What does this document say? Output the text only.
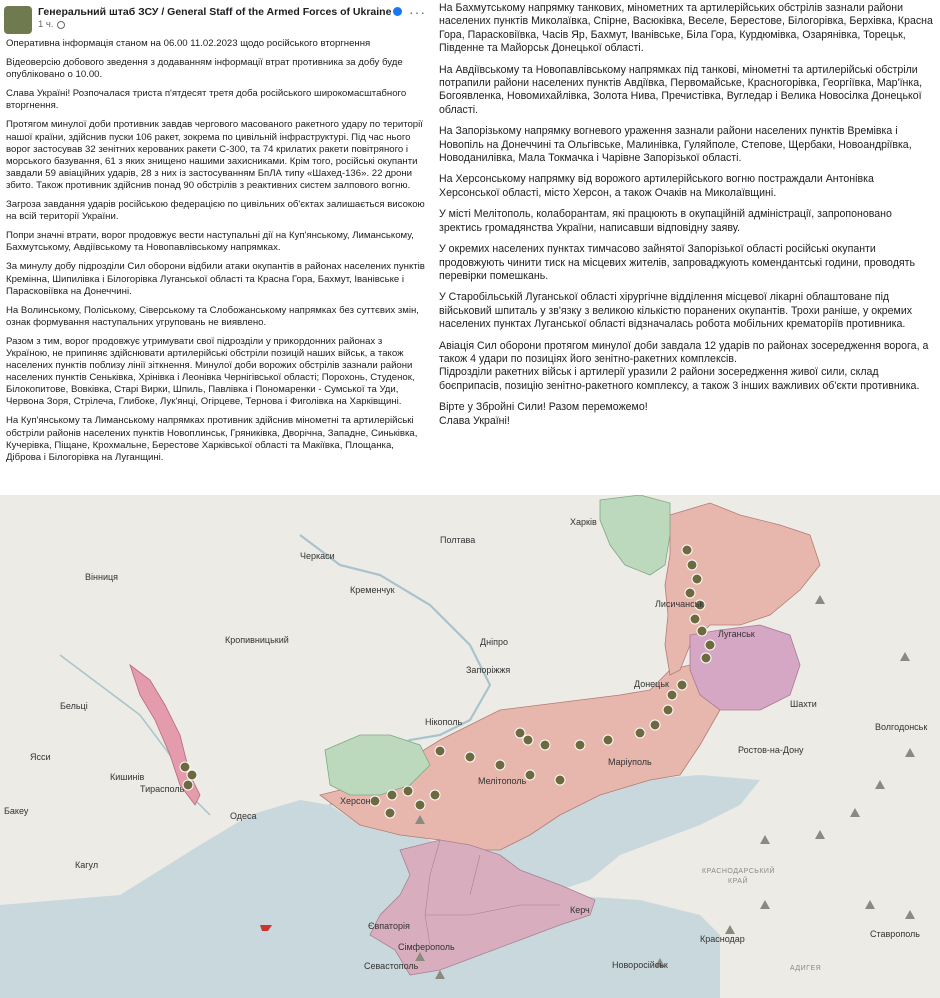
Генеральний штаб ЗСУ / General Staff of the Armed Forces of Ukraine
1 ч.
···

Оперативна інформація станом на 06.00 11.02.2023 щодо російського вторгнення

Відеоверсію добового зведення з додаванням інформації втрат противника за добу буде опубліковано о 10.00.

Слава Україні! Розпочалася триста п'ятдесят третя доба російського широкомасштабного вторгнення.

Протягом минулої доби противник завдав чергового масованого ракетного удару по території нашої країни, здійснив пуски 106 ракет, зокрема по цивільній інфраструктурі. Під час нього ворог застосував 32 зенітних керованих ракети С-300, та 74 крилатих ракети повітряного і морського базування, 61 з яких знищено нашими захисниками. Крім того, російські окупанти завдали 59 авіаційних ударів, 28 з них із застосуванням БпЛА типу «Шахед-136». 22 дрони збито. Також противник здійснив понад 90 обстрілів з реактивних систем залпового вогню.

Загроза завдання ударів російською федерацією по цивільних об'єктах залишається високою на всій території України.

Попри значні втрати, ворог продовжує вести наступальні дії на Куп'янському, Лиманському, Бахмутському, Авдіївському та Новопавлівському напрямках.

За минулу добу підрозділи Сил оборони відбили атаки окупантів в районах населених пунктів Кремінна, Шипилівка і Білогорівка Луганської області та Красна Гора, Бахмут, Іванівське і Парасковіївка на Донеччині.

На Волинському, Поліському, Сіверському та Слобожанському напрямках без суттєвих змін, ознак формування наступальних угруповань не виявлено.

Разом з тим, ворог продовжує утримувати свої підрозділи у прикордонних районах з Україною, не припиняє здійснювати артилерійські обстріли позицій наших військ, а також населених пунктів поблизу лінії зіткнення. Минулої доби ворожих обстрілів зазнали райони населених пунктів Сеньківка, Хрінівка і Леонівка Чернігівської області; Порохонь, Студенок, Білокопитове, Вовківка, Старі Вирки, Шпиль, Павлівка і Пономаренки - Сумської та Уди, Червона Зоря, Стрілеча, Глибоке, Лук'янці, Огірцеве, Тернова і Фиголівка на Харківщині.

На Куп'янському та Лиманському напрямках противник здійснив мінометні та артилерійські обстріли районів населених пунктів Новоплинськ, Гряниківка, Дворічна, Западне, Синьківка, Кучерівка, Піщане, Крохмальне, Берестове Харківської області та Макіївка, Площанка, Діброва і Білогорівка на Луганщині.

На Бахмутському напрямку танкових, мінометних та артилерійських обстрілів зазнали райони населених пунктів Миколаївка, Спірне, Васюківка, Веселе, Берестове, Білогорівка, Берхівка, Красна Гора, Парасковіївка, Часів Яр, Бахмут, Іванівське, Біла Гора, Курдюмівка, Озарянівка, Торецьк, Південне та Майорськ Донецької області.

На Авдіївському та Новопавлівському напрямках під танкові, мінометні та артилерійські обстріли потрапили райони населених пунктів Авдіївка, Первомайське, Красногорівка, Георгіївка, Мар'їнка, Богоявленка, Новомихайлівка, Золота Нива, Пречистівка, Вугледар і Велика Новосілка Донецької області.

На Запорізькому напрямку вогневого ураження зазнали райони населених пунктів Времівка і Новопіль на Донеччині та Ольгівське, Малинівка, Гуляйполе, Степове, Щербаки, Новоандріївка, Новоданилівка, Мала Токмачка і Чарівне Запорізької області.

На Херсонському напрямку від ворожого артилерійського вогню постраждали Антонівка Херсонської області, місто Херсон, а також Очаків на Миколаївщині.

У місті Мелітополь, колаборантам, які працюють в окупаційній адміністрації, запропоновано зректись громадянства України, написавши відповідну заяву.

У окремих населених пунктах тимчасово зайнятої Запорізької області російські окупанти продовжують чинити тиск на місцевих жителів, запроваджують комендантські години, проводять перевірки помешкань.

У Старобільській Луганської області хірургічне відділення місцевої лікарні облаштоване під військовий шпиталь у зв'язку з великою кількістю поранених окупантів. Трохи раніше, у окремих населених пунктах Луганської області відзначалась робота мобільних крематоріїв противника.

Авіація Сил оборони протягом минулої доби завдала 12 ударів по районах зосередження ворога, а також 4 удари по позиціях його зенітно-ракетних комплексів.

Підрозділи ракетних військ і артилерії уразили 2 райони зосередження живої сили, склад боєприпасів, позицію зенітно-ракетного комплексу, а також 3 інших важливих об'єкти противника.

Вірте у Збройні Сили! Разом переможемо!

Слава Україні!

Харків
Полтава
Черкаси
Вінниця
Кременчук
Лисичанськ
Луганськ
Кропивницький	Дніпро
Донецьк
Запоріжжя
Шахти
Бельці
Нікополь	Волгодонськ
Ясси
Кишинів
Ростов-на-Дону
Тирасполь
Маріуполь
Мелітополь
Херсон
Одеса
Бакеу
Кагул
Євпаторія
Керч
Сімферополь
Краснодар	Ставрополь
Севастополь	Новоросійськ
КРАСНОДАРСЬКИЙ
КРАЙ
АДИГЕЯ
